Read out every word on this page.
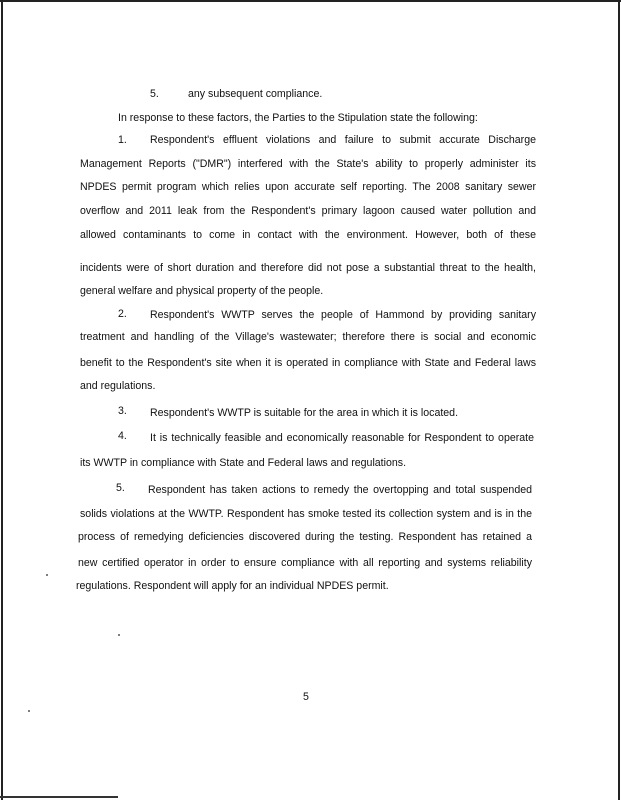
5.	any subsequent compliance.
In response to these factors, the Parties to the Stipulation state the following:
1. Respondent's effluent violations and failure to submit accurate Discharge
Management Reports ("DMR") interfered with the State's ability to properly administer its
NPDES permit program which relies upon accurate self reporting. The 2008 sanitary sewer
overflow and 2011 leak from the Respondent's primary lagoon caused water pollution and
allowed contaminants to come in contact with the environment. However, both of these
incidents were of short duration and therefore did not pose a substantial threat to the health,
general welfare and physical property of the people.
2. Respondent's WWTP serves the people of Hammond by providing sanitary
treatment and handling of the Village's wastewater; therefore there is social and economic
benefit to the Respondent's site when it is operated in compliance with State and Federal laws
and regulations.
3. Respondent's WWTP is suitable for the area in which it is located.
4. It is technically feasible and economically reasonable for Respondent to operate
its WWTP in compliance with State and Federal laws and regulations.
5. Respondent has taken actions to remedy the overtopping and total suspended
solids violations at the WWTP. Respondent has smoke tested its collection system and is in the
process of remedying deficiencies discovered during the testing. Respondent has retained a
new certified operator in order to ensure compliance with all reporting and systems reliability
regulations. Respondent will apply for an individual NPDES permit.
5
